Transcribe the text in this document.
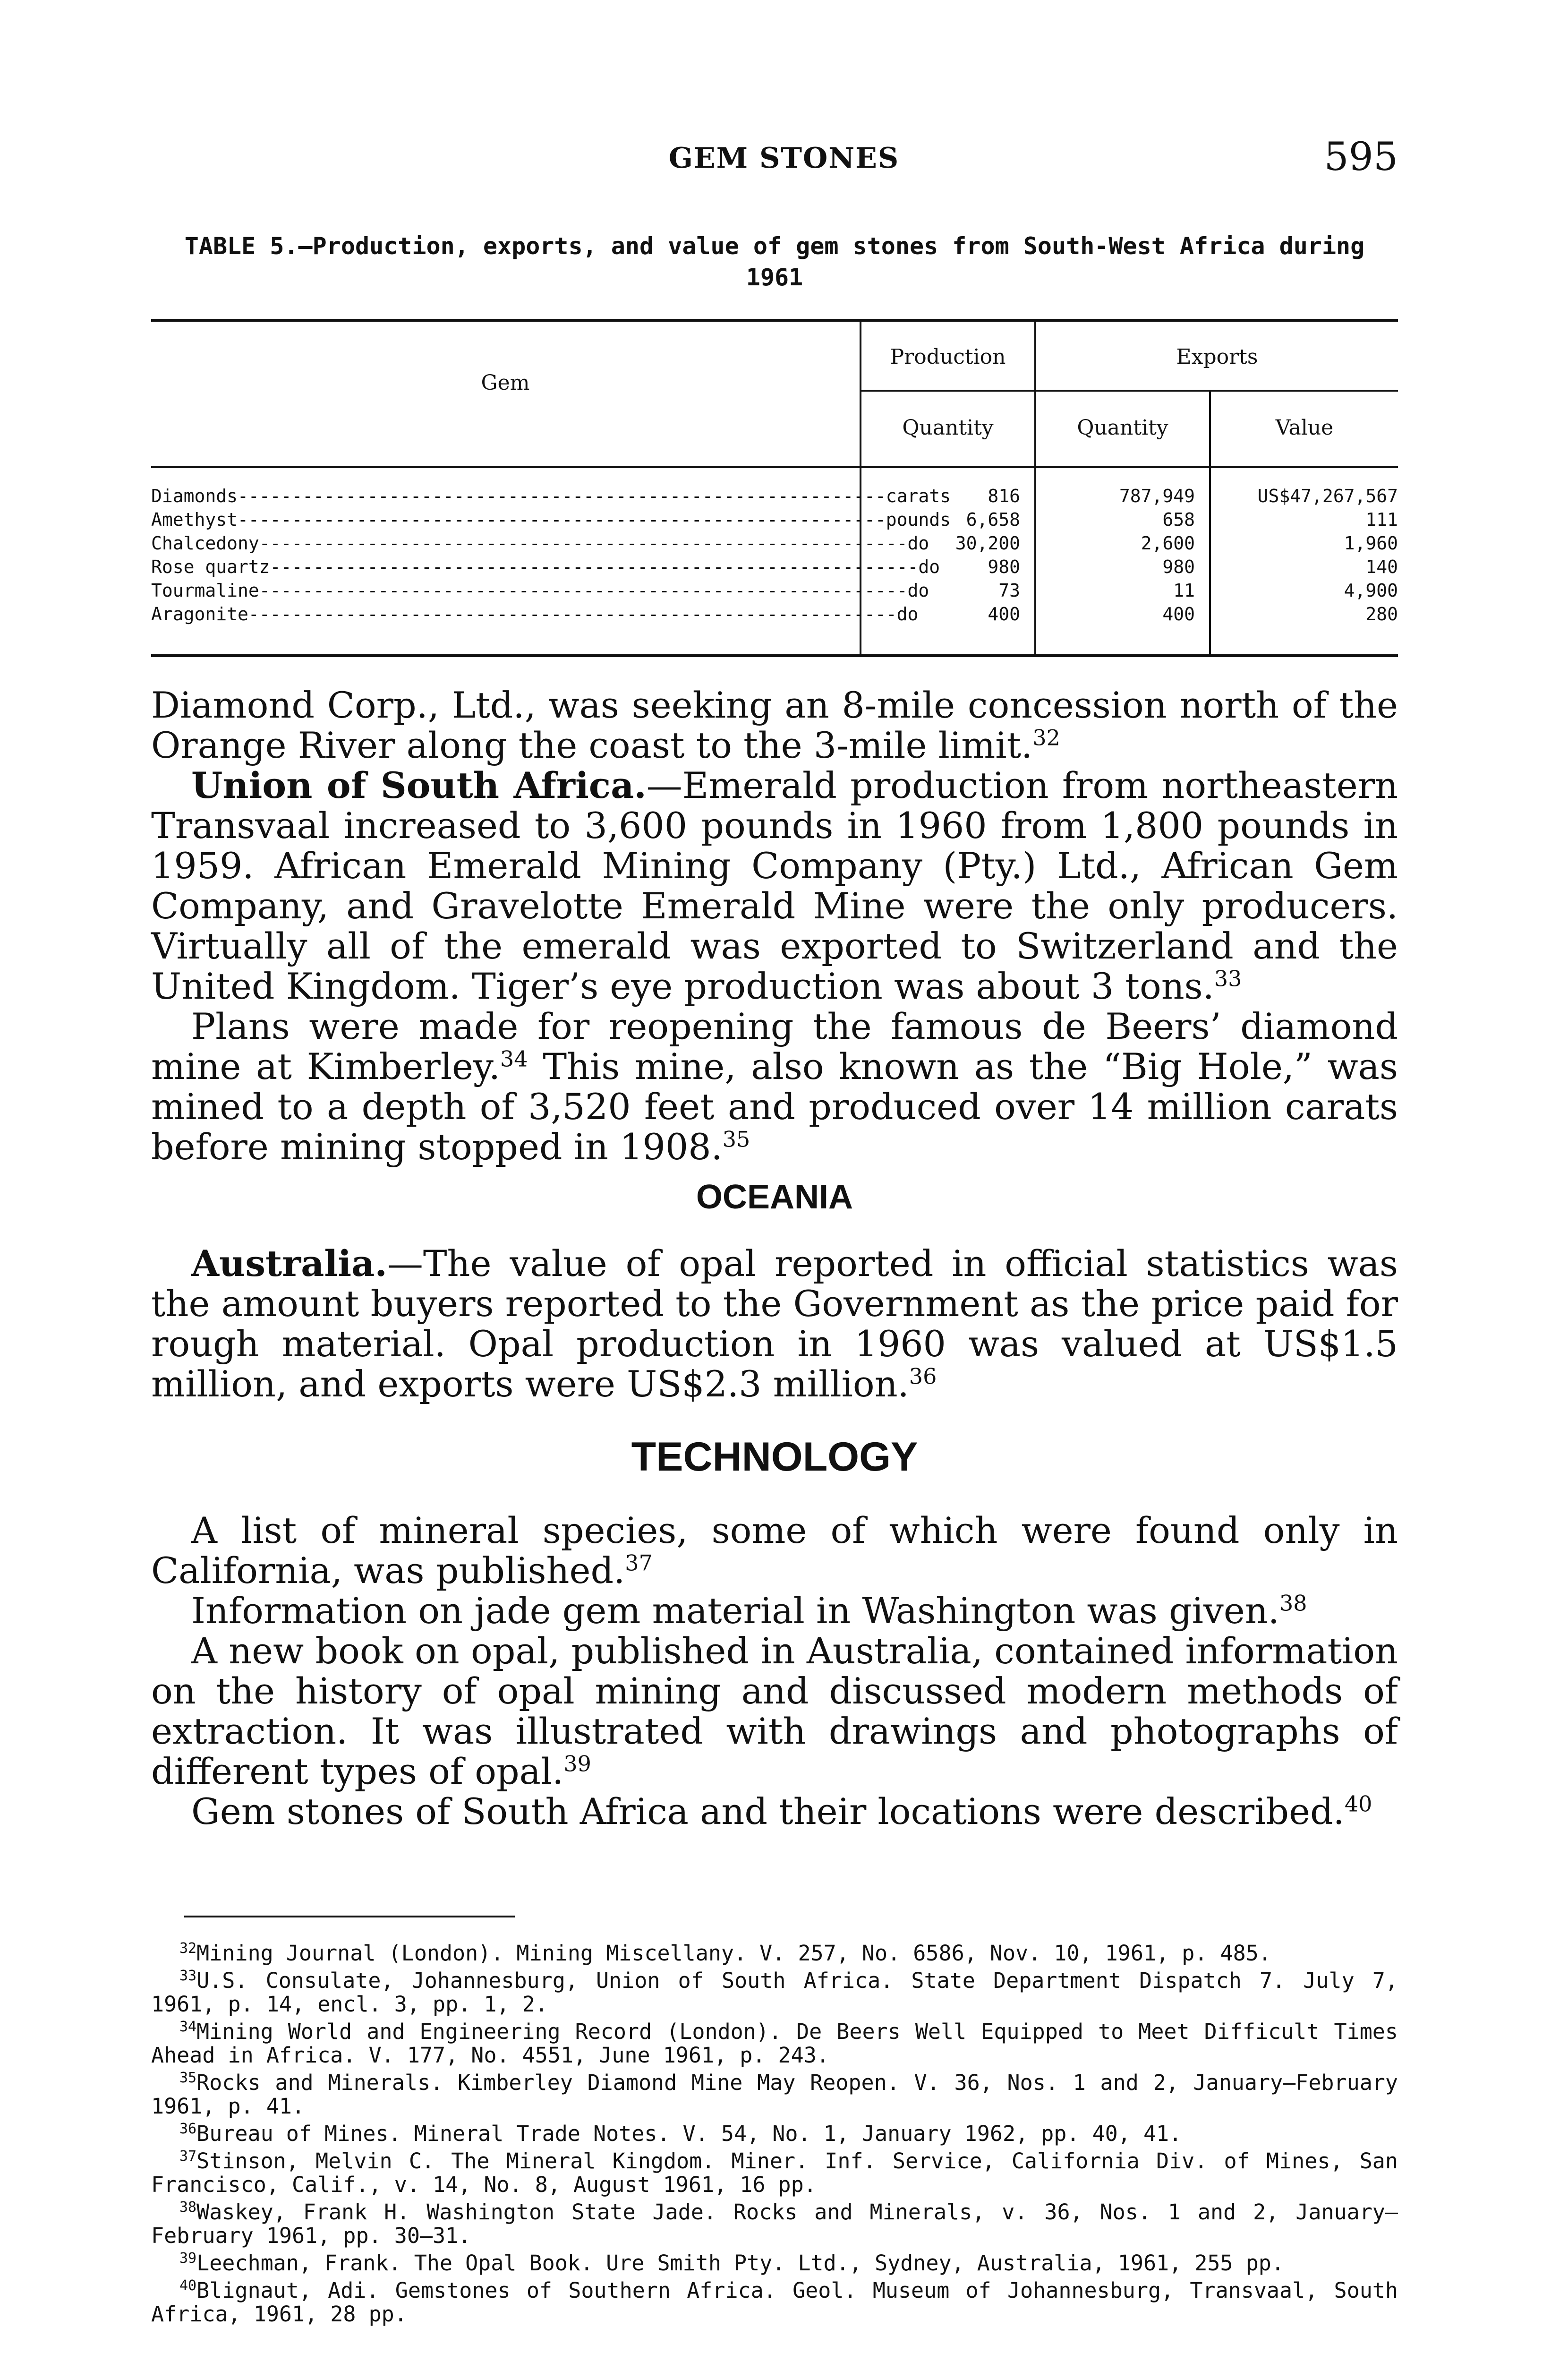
GEM STONES	595
TABLE 5.—Production, exports, and value of gem stones from South-West Africa during 1961
Gem
Production	Exports
Quantity	Quantity	Value
Diamonds------------------------------------------------------------carats	816	787,949	US$47,267,567
Amethyst------------------------------------------------------------pounds 6,658	658	111
Chalcedony------------------------------------------------------------do	30,200	2,600	1,960
Rose quartz------------------------------------------------------------do	980	980	140
Tourmaline------------------------------------------------------------do	73	11	4,900
Aragonite------------------------------------------------------------do	400	400	280

Diamond Corp., Ltd., was seeking an 8-mile concession north of the Orange River along the coast to the 3-mile limit.$^{32}$

Union of South Africa.—Emerald production from northeastern Transvaal increased to 3,600 pounds in 1960 from 1,800 pounds in 1959. African Emerald Mining Company (Pty.) Ltd., African Gem Company, and Gravelotte Emerald Mine were the only producers. Virtually all of the emerald was exported to Switzerland and the United Kingdom. Tiger’s eye production was about 3 tons.$^{33}$

Plans were made for reopening the famous de Beers’ diamond mine at Kimberley.$^{34}$ This mine, also known as the “Big Hole,” was mined to a depth of 3,520 feet and produced over 14 million carats before mining stopped in 1908.35

OCEANIA

Australia.—The value of opal reported in official statistics was the amount buyers reported to the Government as the price paid for rough material. Opal production in 1960 was valued at US$1.5 million, and exports were US$2.3 million.$^{36}$

TECHNOLOGY

A list of mineral species, some of which were found only in California, was published.$^{37}$

Information on jade gem material in Washington was given.$^{38}$

A new book on opal, published in Australia, contained information on the history of opal mining and discussed modern methods of extraction. It was illustrated with drawings and photographs of different types of opal.$^{39}$

Gem stones of South Africa and their locations were described.$^{40}$

$^{32}$Mining Journal (London). Mining Miscellany. V. 257, No. 6586, Nov. 10, 1961, p. 485.

$^{33}$U.S. Consulate, Johannesburg, Union of South Africa. State Department Dispatch 7. July 7, 1961, p. 14, encl. 3, pp. 1, 2.

$^{34}$Mining World and Engineering Record (London). De Beers Well Equipped to Meet Difficult Times Ahead in Africa. V. 177, No. 4551, June 1961, p. 243.

$^{35}$Rocks and Minerals. Kimberley Diamond Mine May Reopen. V. 36, Nos. 1 and 2, January–February 1961, p. 41.

$^{36}$Bureau of Mines. Mineral Trade Notes. V. 54, No. 1, January 1962, pp. 40, 41.

$^{37}$Stinson, Melvin C. The Mineral Kingdom. Miner. Inf. Service, California Div. of Mines, San Francisco, Calif., v. 14, No. 8, August 1961, 16 pp.

$^{38}$Waskey, Frank H. Washington State Jade. Rocks and Minerals, v. 36, Nos. 1 and 2, January–February 1961, pp. 30–31.

$^{39}$Leechman, Frank. The Opal Book. Ure Smith Pty. Ltd., Sydney, Australia, 1961, 255 pp.

$^{40}$Blignaut, Adi. Gemstones of Southern Africa. Geol. Museum of Johannesburg, Transvaal, South Africa, 1961, 28 pp.
